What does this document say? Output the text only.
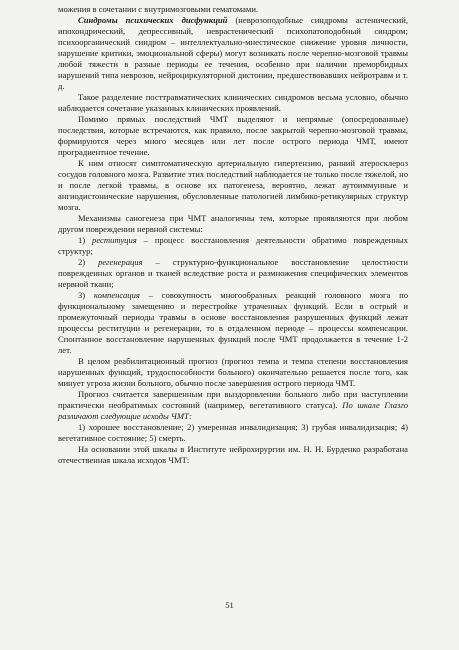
можения в сочетании с внутримозговыми гематомами.

Синдромы психических дисфункций (неврозоподобные синдромы астенический, ипохондрический, депрессивный, неврастенический психопатоподобный синдром; психоорганический синдром – интеллектуально-мнестическое снижение уровня личности, нарушение критики, эмоциональной сферы) могут возникать после черепно-мозговой травмы любой тяжести в разные периоды ее течения, особенно при наличии преморбидных нарушений типа неврозов, нейроциркуляторной дистонии, предшествовавших нейротравм и т. д.

Такое разделение посттравматических клинических синдромов весьма условно, обычно наблюдается сочетание указанных клинических проявлений.

Помимо прямых последствий ЧМТ выделяют и непрямые (опосредованные) последствия, которые встречаются, как правило, после закрытой черепно-мозговой травмы, формируются через много месяцев или лет после острого периода ЧМТ, имеют проградиентное течение.

К ним относят симптоматическую артериальную гипертензию, ранний атеросклероз сосудов головного мозга. Развитие этих последствий наблюдается не только после тяжелой, но и после легкой травмы, в основе их патогенеза, вероятно, лежат аутоиммунные и ангиодистонические нарушения, обусловленные патологией лимбико-ретикулярных структур мозга.

Механизмы саногенеза при ЧМТ аналогичны тем, которые проявляются при любом другом повреждении нервной системы:

1) реституция – процесс восстановления деятельности обратимо поврежденных структур;

2) регенерация – структурно-функциональное восстановление целостности поврежденных органов и тканей вследствие роста и размножения специфических элементов нервной ткани;

3) компенсация – совокупность многообразных реакций головного мозга по функциональному замещению и перестройке утраченных функций. Если в острый и промежуточный периоды травмы в основе восстановления разрушенных функций лежат процессы реституции и регенерации, то в отдаленном периоде – процессы компенсации. Спонтанное восстановление нарушенных функций после ЧМТ продолжается в течение 1-2 лет.

В целом реабилитационный прогноз (прогноз темпа и темпа степени восстановления нарушенных функций, трудоспособности больного) окончательно решается после того, как минует угроза жизни больного, обычно после завершения острого периода ЧМТ.

Прогноз считается завершенным при выздоровлении больного либо при наступлении практически необратимых состояний (например, вегетативного статуса). По шкале Глазго различают следующие исходы ЧМТ:

1) хорошее восстановление; 2) умеренная инвалидизация; 3) грубая инвалидизация; 4) вегетативное состояние; 5) смерть.

На основании этой шкалы в Институте нейрохирургии им. Н. Н. Бурденко разработана отечественная шкала исходов ЧМТ:

51
